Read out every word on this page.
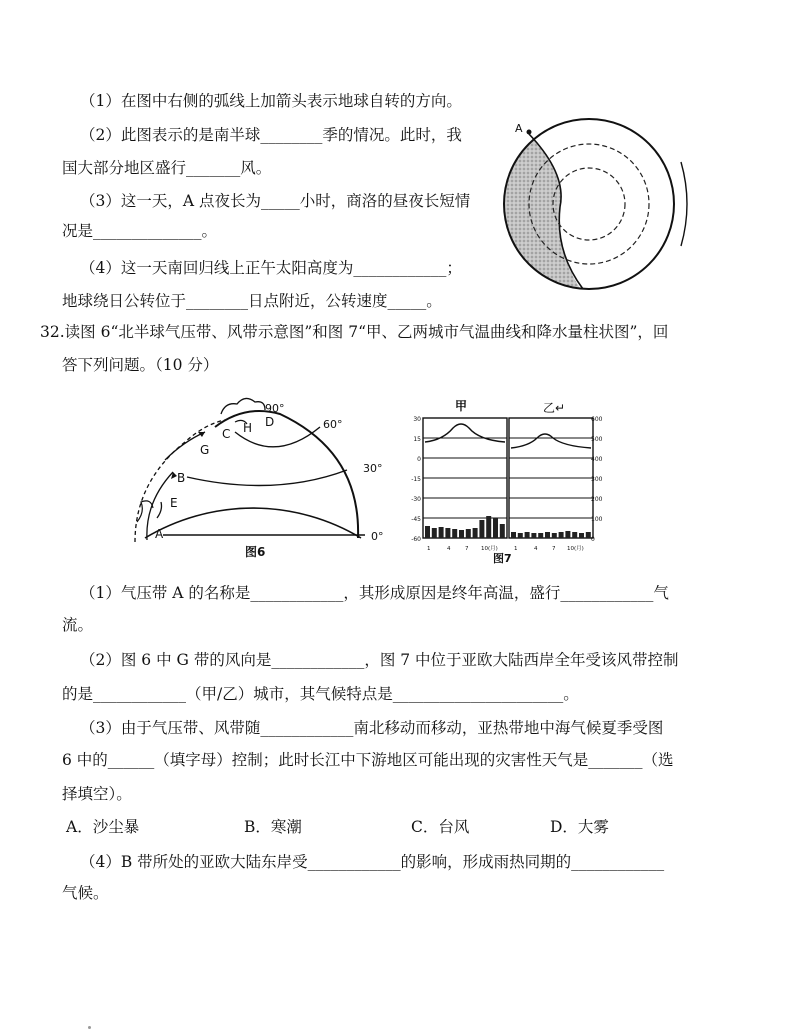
（1）在图中右侧的弧线上加箭头表示地球自转的方向。
（2）此图表示的是南半球________季的情况。此时，我
国大部分地区盛行_______风。
（3）这一天，A 点夜长为_____小时，商洛的昼夜长短情
况是______________。
（4）这一天南回归线上正午太阳高度为____________；
地球绕日公转位于________日点附近，公转速度_____。
A
32.读图 6“北半球气压带、风带示意图”和图 7“甲、乙两城市气温曲线和降水量柱状图”，回
答下列问题。（10 分）
90°
60°
30°
0°
A
B
C
D
E
G
H
图6
甲	乙↵
30
15
0
-15
-30
-45
-60
600
500
400
300
200
100
0
1	4	7 10(月)	1	4	7 10(月)
图7
（1）气压带 A 的名称是____________，其形成原因是终年高温，盛行____________气
流。
（2）图 6 中 G 带的风向是____________，图 7 中位于亚欧大陆西岸全年受该风带控制
的是____________（甲/乙）城市，其气候特点是______________________。
（3）由于气压带、风带随____________南北移动而移动，亚热带地中海气候夏季受图
6 中的______（填字母）控制；此时长江中下游地区可能出现的灾害性天气是_______（选
择填空）。
A．沙尘暴	B．寒潮	C．台风	D．大雾
（4）B 带所处的亚欧大陆东岸受____________的影响，形成雨热同期的____________
气候。
